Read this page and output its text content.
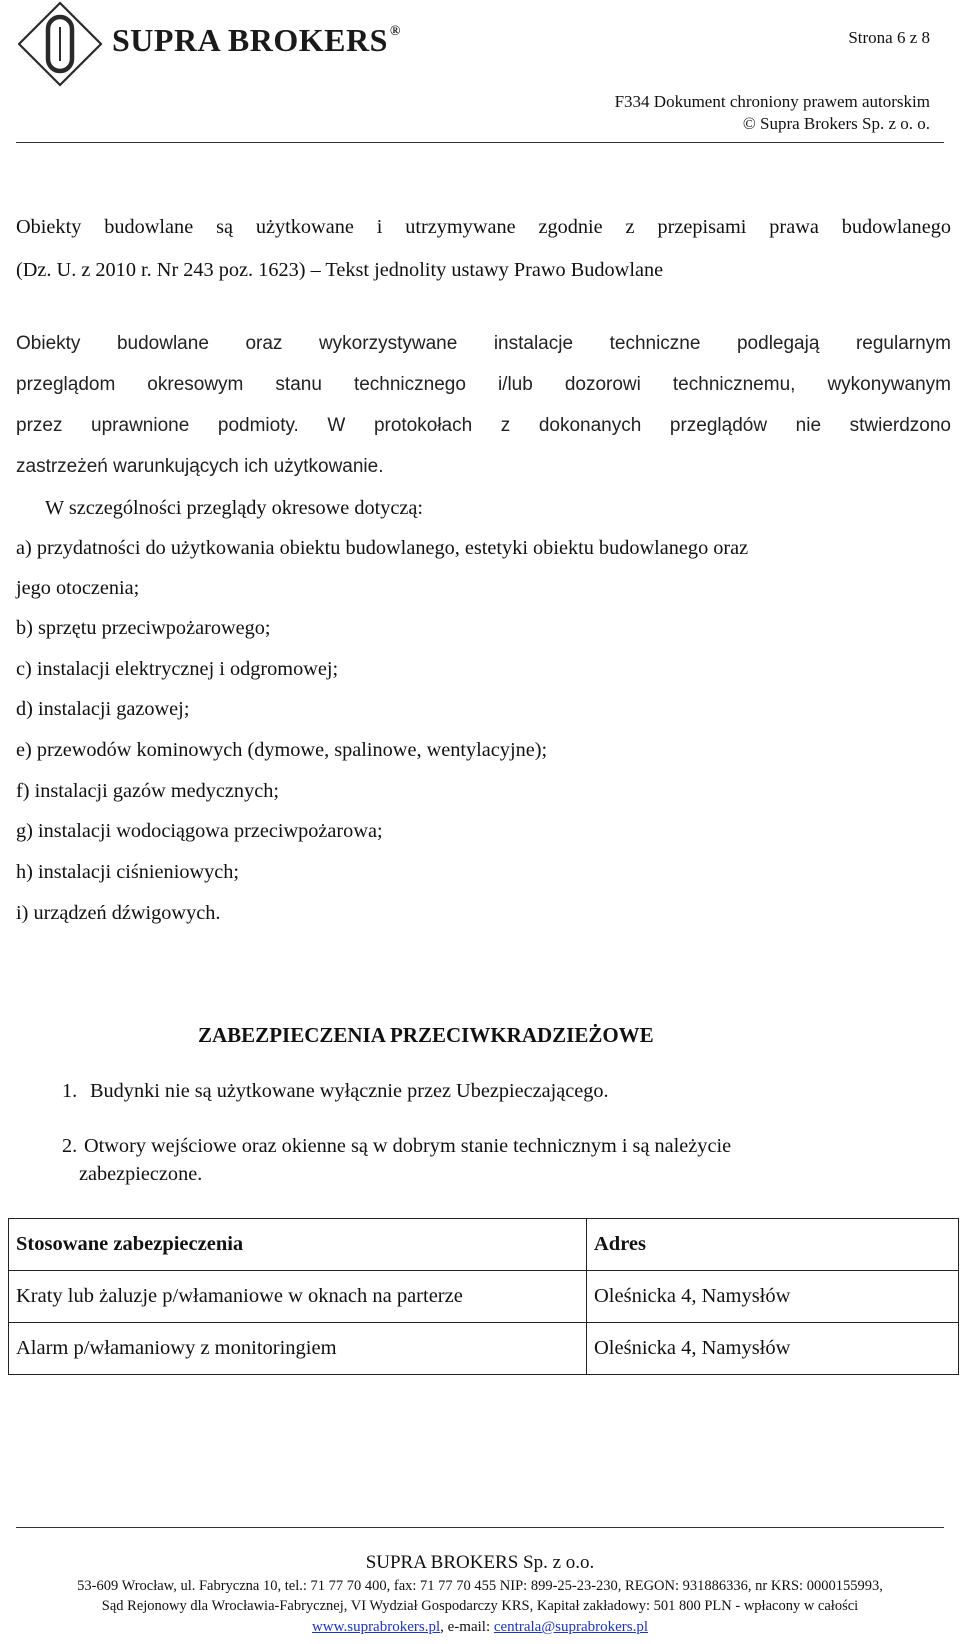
SUPRA BROKERS ®	Strona 6 z 8
F334 Dokument chroniony prawem autorskim
© Supra Brokers Sp. z o. o.
Obiekty budowlane są użytkowane i utrzymywane zgodnie z przepisami prawa budowlanego
(Dz. U. z 2010 r. Nr 243 poz. 1623) – Tekst jednolity ustawy Prawo Budowlane
Obiekty budowlane oraz wykorzystywane instalacje techniczne podlegają regularnym
przeglądom okresowym stanu technicznego i/lub dozorowi technicznemu, wykonywanym
przez uprawnione podmioty. W protokołach z dokonanych przeglądów nie stwierdzono
zastrzeżeń warunkujących ich użytkowanie.
W szczególności przeglądy okresowe dotyczą:
a) przydatności do użytkowania obiektu budowlanego, estetyki obiektu budowlanego oraz
jego otoczenia;
b) sprzętu przeciwpożarowego;
c) instalacji elektrycznej i odgromowej;
d) instalacji gazowej;
e) przewodów kominowych (dymowe, spalinowe, wentylacyjne);
f) instalacji gazów medycznych;
g) instalacji wodociągowa przeciwpożarowa;
h) instalacji ciśnieniowych;
i) urządzeń dźwigowych.
ZABEZPIECZENIA PRZECIWKRADZIEŻOWE
1. Budynki nie są użytkowane wyłącznie przez Ubezpieczającego.
2. Otwory wejściowe oraz okienne są w dobrym stanie technicznym i są należycie
zabezpieczone.
Stosowane zabezpieczenia	Adres
Kraty lub żaluzje p/włamaniowe w oknach na parterze	Oleśnicka 4, Namysłów
Alarm p/włamaniowy z monitoringiem	Oleśnicka 4, Namysłów
SUPRA BROKERS Sp. z o.o.
53-609 Wrocław, ul. Fabryczna 10, tel.: 71 77 70 400, fax: 71 77 70 455 NIP: 899-25-23-230, REGON: 931886336, nr KRS: 0000155993,
Sąd Rejonowy dla Wrocławia-Fabrycznej, VI Wydział Gospodarczy KRS, Kapitał zakładowy: 501 800 PLN - wpłacony w całości
www.suprabrokers.pl, e-mail: centrala@suprabrokers.pl
